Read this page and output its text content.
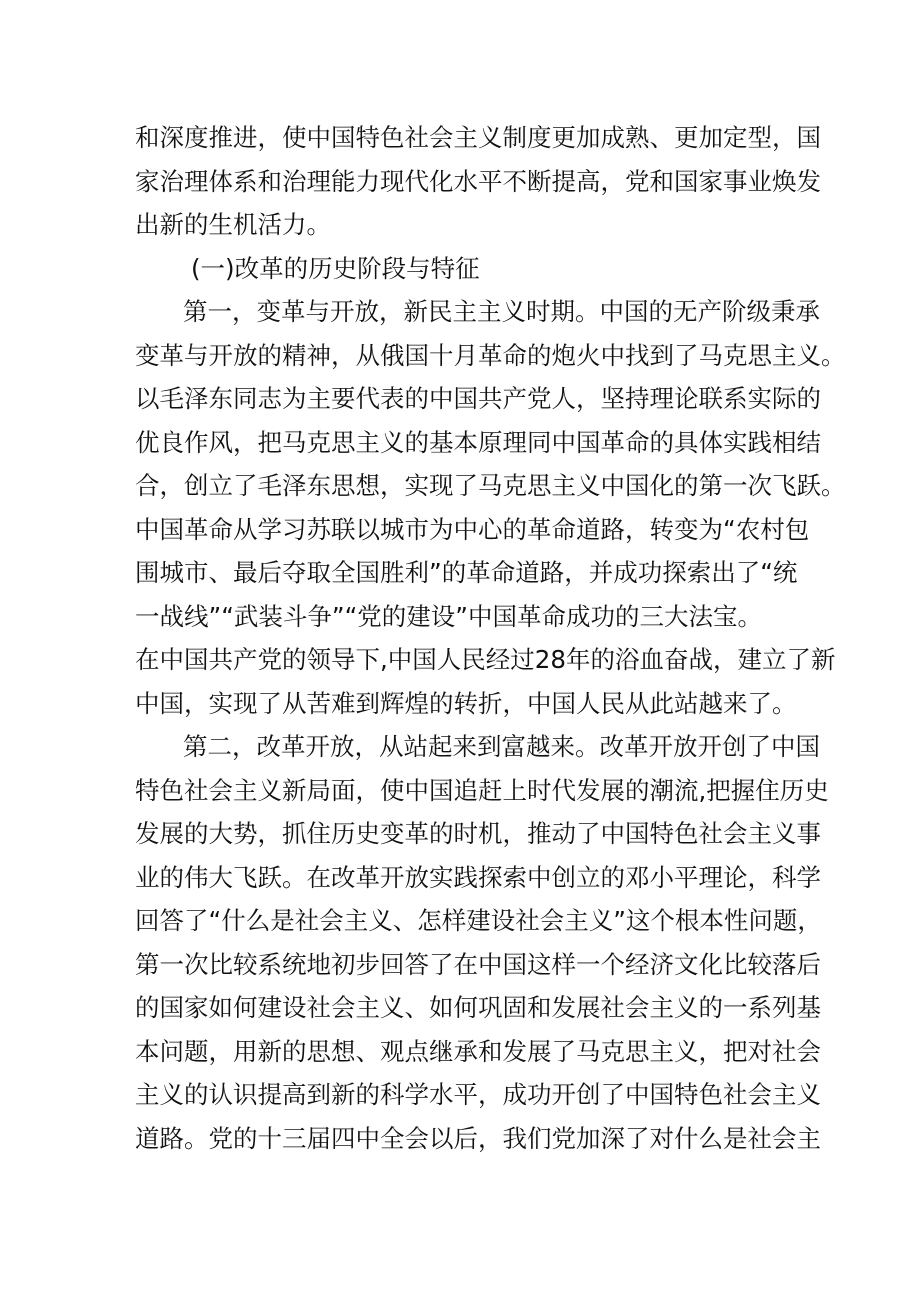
和深度推进，使中国特色社会主义制度更加成熟、更加定型，国
家治理体系和治理能力现代化水平不断提高，党和国家事业焕发
出新的生机活力。
(一)改革的历史阶段与特征
第一，变革与开放，新民主主义时期。中国的无产阶级秉承
变革与开放的精神，从俄国十月革命的炮火中找到了马克思主义。
以毛泽东同志为主要代表的中国共产党人，坚持理论联系实际的
优良作风，把马克思主义的基本原理同中国革命的具体实践相结
合，创立了毛泽东思想，实现了马克思主义中国化的第一次飞跃。
中国革命从学习苏联以城市为中心的革命道路，转变为“农村包
围城市、最后夺取全国胜利”的革命道路，并成功探索出了“统
一战线”“武装斗争”“党的建设”中国革命成功的三大法宝。
在中国共产党的领导下,中国人民经过28年的浴血奋战，建立了新
中国，实现了从苦难到辉煌的转折，中国人民从此站越来了。
第二，改革开放，从站起来到富越来。改革开放开创了中国
特色社会主义新局面，使中国追赶上时代发展的潮流,把握住历史
发展的大势，抓住历史变革的时机，推动了中国特色社会主义事
业的伟大飞跃。在改革开放实践探索中创立的邓小平理论，科学
回答了“什么是社会主义、怎样建设社会主义”这个根本性问题，
第一次比较系统地初步回答了在中国这样一个经济文化比较落后
的国家如何建设社会主义、如何巩固和发展社会主义的一系列基
本问题，用新的思想、观点继承和发展了马克思主义，把对社会
主义的认识提高到新的科学水平，成功开创了中国特色社会主义
道路。党的十三届四中全会以后，我们党加深了对什么是社会主
